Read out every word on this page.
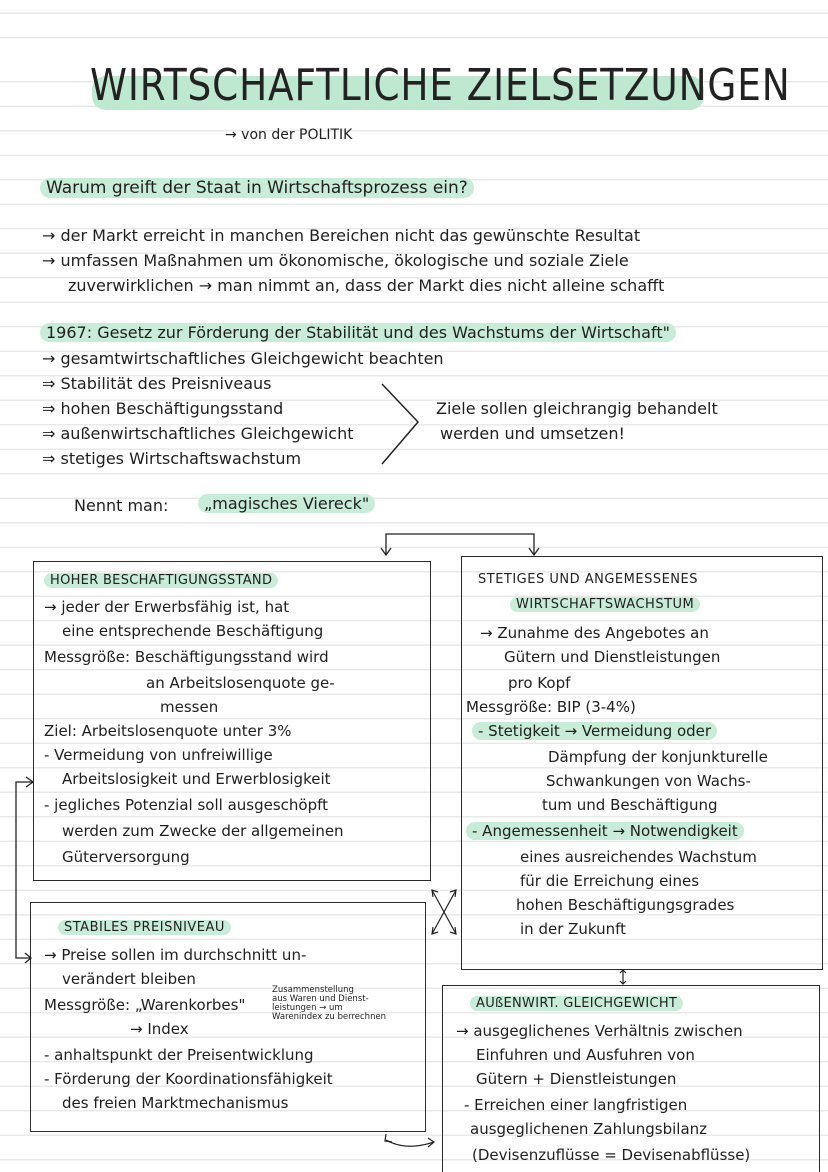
WIRTSCHAFTLICHE ZIELSETZUNGEN
→ von der POLITIK
Warum greift der Staat in Wirtschaftsprozess ein?
→ der Markt erreicht in manchen Bereichen nicht das gewünschte Resultat
→ umfassen Maßnahmen um ökonomische, ökologische und soziale Ziele
zuverwirklichen → man nimmt an, dass der Markt dies nicht alleine schafft
1967: Gesetz zur Förderung der Stabilität und des Wachstums der Wirtschaft"
→ gesamtwirtschaftliches Gleichgewicht beachten
⇒ Stabilität des Preisniveaus
⇒ hohen Beschäftigungsstand
⇒ außenwirtschaftliches Gleichgewicht
⇒ stetiges Wirtschaftswachstum
Ziele sollen gleichrangig behandelt
werden und umsetzen!
Nennt man:	„magisches Viereck"
HOHER BESCHAFTIGUNGSSTAND
→ jeder der Erwerbsfähig ist, hat
eine entsprechende Beschäftigung
Messgröße: Beschäftigungsstand wird
an Arbeitslosenquote ge-
messen
Ziel: Arbeitslosenquote unter 3%
- Vermeidung von unfreiwillige
Arbeitslosigkeit und Erwerblosigkeit
- jegliches Potenzial soll ausgeschöpft
werden zum Zwecke der allgemeinen
Güterversorgung
STETIGES UND ANGEMESSENES
WIRTSCHAFTSWACHSTUM
→ Zunahme des Angebotes an
Gütern und Dienstleistungen
pro Kopf
Messgröße: BIP (3-4%)
- Stetigkeit → Vermeidung oder
Dämpfung der konjunkturelle
Schwankungen von Wachs-
tum und Beschäftigung
- Angemessenheit → Notwendigkeit
eines ausreichendes Wachstum
für die Erreichung eines
hohen Beschäftigungsgrades
in der Zukunft
STABILES PREISNIVEAU
→ Preise sollen im durchschnitt un-
verändert bleiben
Messgröße: „Warenkorbes"
→ Index
Zusammenstellung
aus Waren und Dienst-
leistungen → um
Warenindex zu berrechnen
- anhaltspunkt der Preisentwicklung
- Förderung der Koordinationsfähigkeit
des freien Marktmechanismus
AUßENWIRT. GLEICHGEWICHT
→ ausgeglichenes Verhältnis zwischen
Einfuhren und Ausfuhren von
Gütern + Dienstleistungen
- Erreichen einer langfristigen
ausgeglichenen Zahlungsbilanz
(Devisenzuflüsse = Devisenabflüsse)
